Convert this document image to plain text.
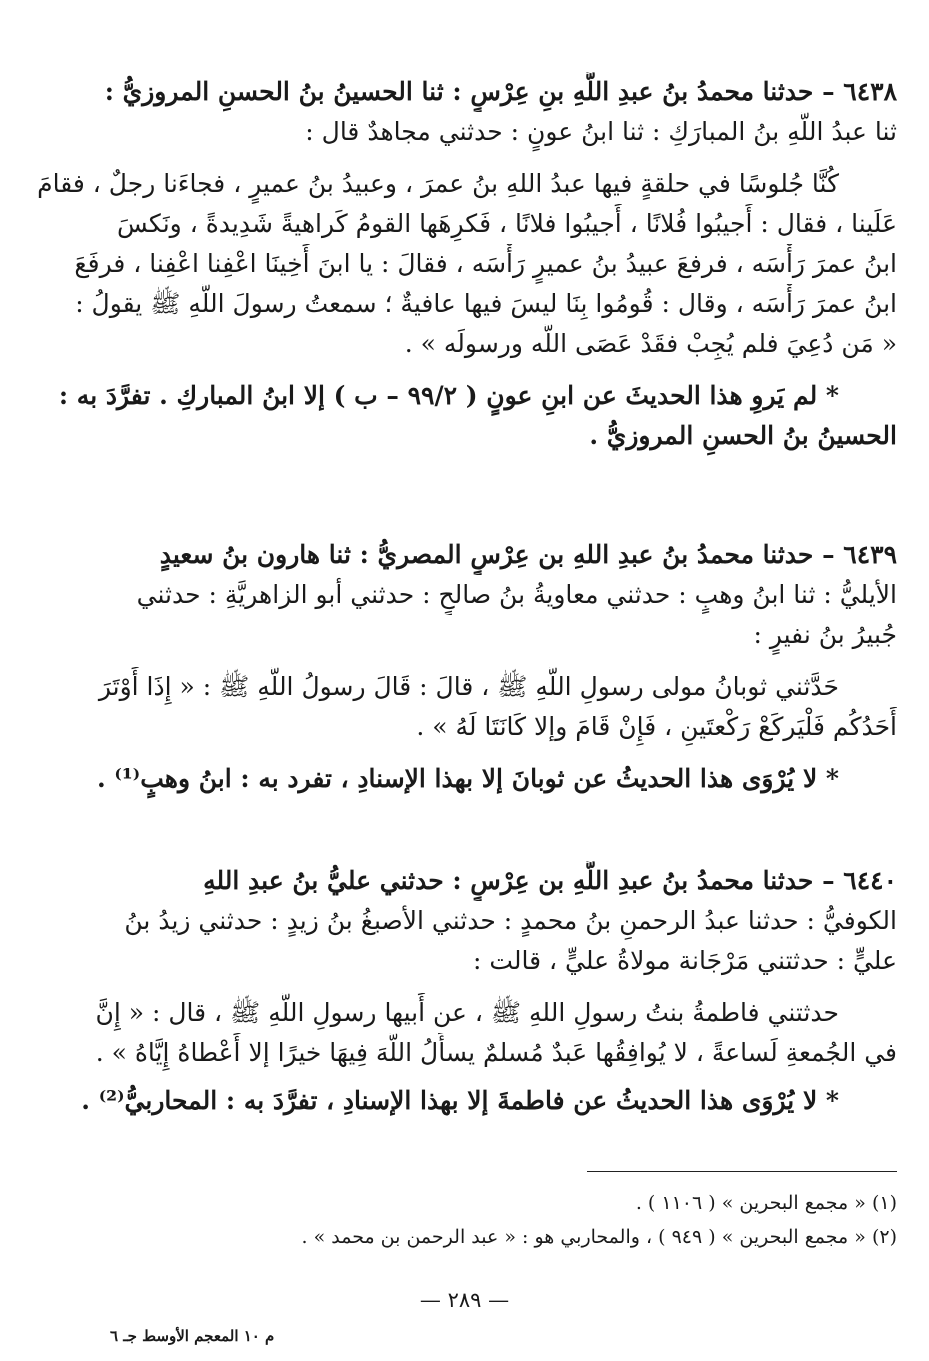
٦٤٣٨ – حدثنا محمدُ بنُ عبدِ اللَّهِ بنِ عِرْسٍ : ثنا الحسينُ بنُ الحسنِ المروزيُّ :
ثنا عبدُ اللَّهِ بنُ المبارَكِ : ثنا ابنُ عونٍ : حدثني مجاهدٌ قال :
كُنَّا جُلوسًا في حلقةٍ فيها عبدُ اللهِ بنُ عمرَ ، وعبيدُ بنُ عميرٍ ، فجاءَنا رجلٌ ، فقامَ
عَلَينا ، فقال : أَجيبُوا فُلانًا ، أَجيبُوا فلانًا ، فَكرِهَها القومُ كَراهيةً شَدِيدةً ، ونَكسَ
ابنُ عمرَ رَأْسَه ، فرفعَ عبيدُ بنُ عميرٍ رَأْسَه ، فقالَ : يا ابنَ أَخِينَا اعْفِنا اعْفِنا ، فرفَعَ
ابنُ عمرَ رَأْسَه ، وقال : قُومُوا بِنَا ليسَ فيها عافيةٌ ؛ سمعتُ رسولَ اللَّهِ ﷺ يقولُ :
« مَن دُعِيَ فلم يُجِبْ فقَدْ عَصَى اللَّه ورسولَه » .
* لم يَروِ هذا الحديثَ عن ابنِ عونٍ ( ٩٩/٢ – ب ) إلا ابنُ المباركِ . تفرَّدَ به :
الحسينُ بنُ الحسنِ المروزيُّ .
٦٤٣٩ – حدثنا محمدُ بنُ عبدِ اللهِ بن عِرْسٍ المصريُّ : ثنا هارون بنُ سعيدٍ
الأيليُّ : ثنا ابنُ وهبٍ : حدثني معاويةُ بنُ صالحٍ : حدثني أبو الزاهريَّةِ : حدثني
جُبيرُ بنُ نفيرٍ :
حَدَّثني ثوبانُ مولى رسولِ اللَّهِ ﷺ ، قالَ : قَالَ رسولُ اللَّهِ ﷺ : « إِذَا أَوْتَرَ
أَحَدُكُم فَلْيَركَعْ رَكْعتَينِ ، فَإِنْ قَامَ وإلا كَانَتَا لَهُ » .
* لا يُرْوَى هذا الحديثُ عن ثوبانَ إلا بهذا الإسنادِ ، تفرد به : ابنُ وهبٍ⁽¹⁾ .
٦٤٤٠ – حدثنا محمدُ بنُ عبدِ اللَّهِ بن عِرْسٍ : حدثني عليُّ بنُ عبدِ اللهِ
الكوفيُّ : حدثنا عبدُ الرحمنِ بنُ محمدٍ : حدثني الأصبغُ بنُ زيدٍ : حدثني زيدُ بنُ
عليٍّ : حدثتني مَرْجَانة مولاةُ عليٍّ ، قالت :
حدثتني فاطمةُ بنتُ رسولِ اللهِ ﷺ ، عن أَبيها رسولِ اللَّهِ ﷺ ، قال : « إِنَّ
في الجُمعةِ لَساعةً ، لا يُوافِقُها عَبدٌ مُسلمٌ يسأَلُ اللَّهَ فِيهَا خيرًا إلا أَعْطاهُ إِيَّاهُ » .
* لا يُرْوَى هذا الحديثُ عن فاطمةَ إلا بهذا الإسنادِ ، تفرَّدَ به : المحاربيُّ⁽²⁾ .
(١) « مجمع البحرين » ( ١١٠٦ ) .
(٢) « مجمع البحرين » ( ٩٤٩ ) ، والمحاربي هو : « عبد الرحمن بن محمد » .
— ٢٨٩ —
م ١٠ المعجم الأوسط جـ ٦
